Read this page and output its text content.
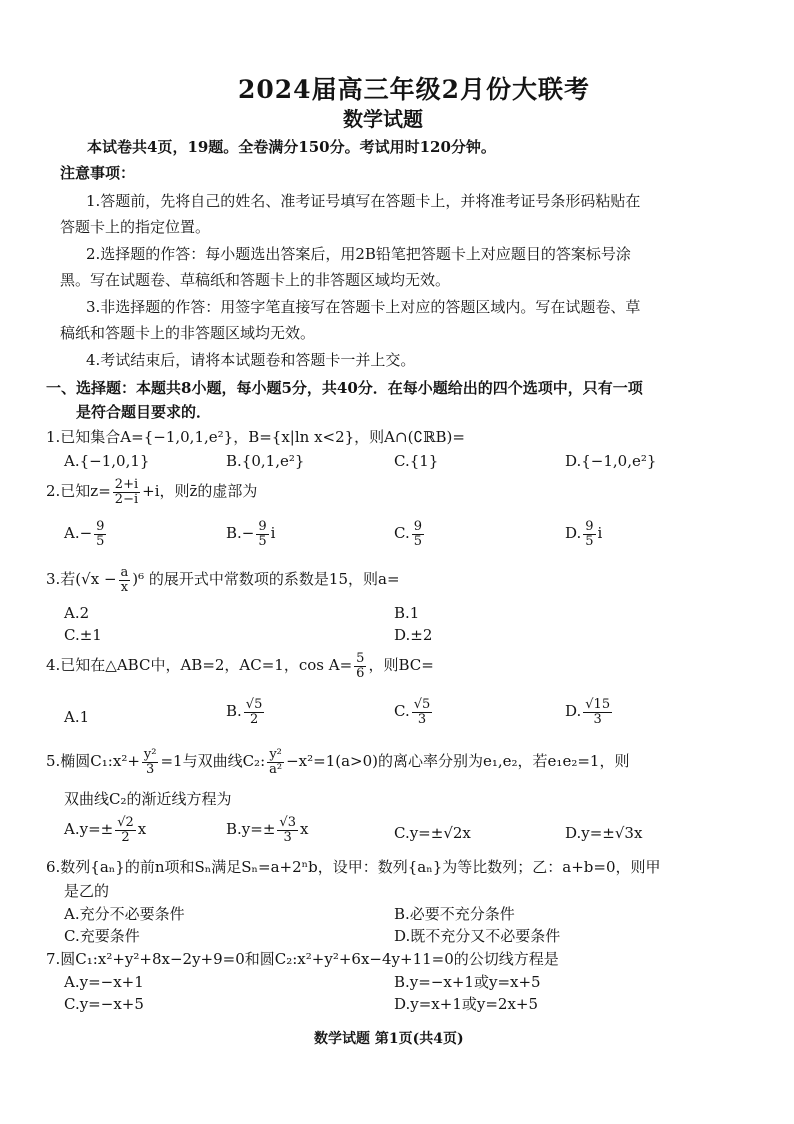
2024届高三年级2月份大联考
数学试题
本试卷共4页，19题。全卷满分150分。考试用时120分钟。
注意事项：
1.答题前，先将自己的姓名、准考证号填写在答题卡上，并将准考证号条形码粘贴在
答题卡上的指定位置。
2.选择题的作答：每小题选出答案后，用2B铅笔把答题卡上对应题目的答案标号涂
黑。写在试题卷、草稿纸和答题卡上的非答题区域均无效。
3.非选择题的作答：用签字笔直接写在答题卡上对应的答题区域内。写在试题卷、草
稿纸和答题卡上的非答题区域均无效。
4.考试结束后，请将本试题卷和答题卡一并上交。
一、选择题：本题共8小题，每小题5分，共40分．在每小题给出的四个选项中，只有一项
是符合题目要求的．
1.已知集合A={−1,0,1,e²}，B={x|ln x<2}，则A∩(∁ℝB)=
A.{−1,0,1}	B.{0,1,e²}	C.{1}	D.{−1,0,e²}
2.已知$z= \frac{2+i}{2-i} +i$，则z̄的虚部为
$A.- \frac{9}{5}$	$B.- \frac{9}{5}$ i	C. $\frac{9}{5}$	D. $\frac{9}{5}$ i
3.若$(√x - \frac{a}{x} )^6$ 的展开式中常数项的系数是15，则a=
A.2	B.1
C.±1	D.±2
4.已知在△ABC中，AB=2，AC=1，$\cos A= \frac{5}{6}$ ，则BC=
A.1	B. $\frac{√5}{2}$	C. $\frac{√5}{3}$	D. $\frac{√15}{3}$
5.椭圆C₁:x²+ $\frac{\text{y²}}{3} =1$与双曲线C₂: $\frac{\text{y²}}{\text{a²}} -x^2=1(a>0)$的离心率分别为e₁,e₂，若e₁e₂=1，则
双曲线C₂的渐近线方程为
$A.y=\pm \frac{√2}{2}$ x	$B.y=\pm \frac{√3}{3}$ x	C.y=±√2x	D.y=±√3x
6.数列{aₙ}的前n项和Sₙ满足Sₙ=a+2ⁿb，设甲：数列{aₙ}为等比数列；乙：a+b=0，则甲
是乙的
A.充分不必要条件	B.必要不充分条件
C.充要条件	D.既不充分又不必要条件
7.圆C₁:x²+y²+8x−2y+9=0和圆C₂:x²+y²+6x−4y+11=0的公切线方程是
A.y=−x+1	B.y=−x+1或y=x+5
C.y=−x+5	D.y=x+1或y=2x+5
数学试题 第1页(共4页)
